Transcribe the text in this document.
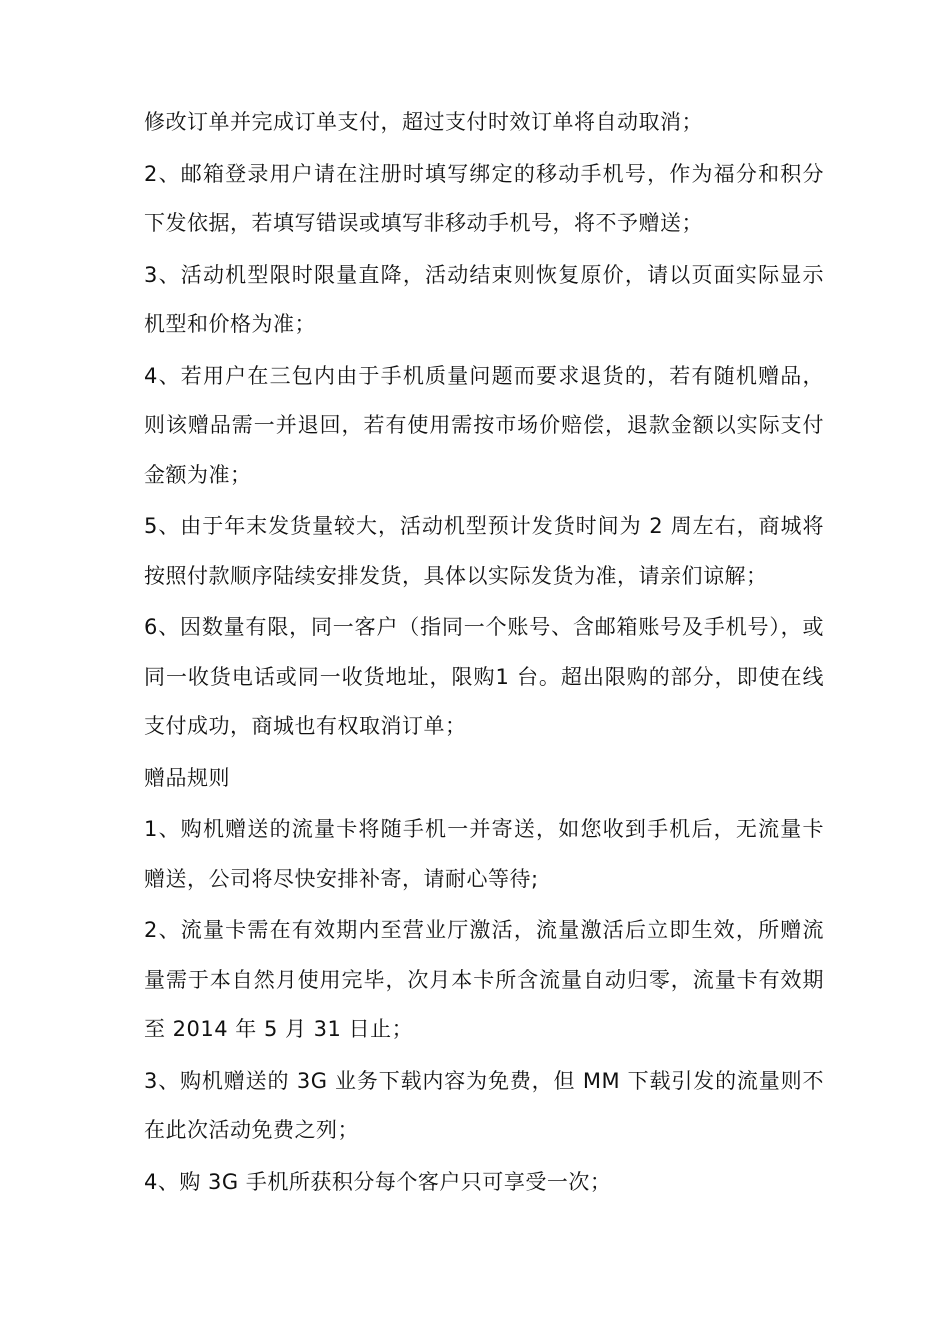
修改订单并完成订单支付，超过支付时效订单将自动取消；

2、邮箱登录用户请在注册时填写绑定的移动手机号，作为福分和积分下发依据，若填写错误或填写非移动手机号，将不予赠送；

3、活动机型限时限量直降，活动结束则恢复原价，请以页面实际显示机型和价格为准；

4、若用户在三包内由于手机质量问题而要求退货的，若有随机赠品，则该赠品需一并退回，若有使用需按市场价赔偿，退款金额以实际支付金额为准；

5、由于年末发货量较大，活动机型预计发货时间为 2 周左右，商城将按照付款顺序陆续安排发货，具体以实际发货为准，请亲们谅解；

6、因数量有限，同一客户（指同一个账号、含邮箱账号及手机号），或同一收货电话或同一收货地址，限购1 台。超出限购的部分，即使在线支付成功，商城也有权取消订单；

赠品规则

1、购机赠送的流量卡将随手机一并寄送，如您收到手机后，无流量卡赠送，公司将尽快安排补寄，请耐心等待;

2、流量卡需在有效期内至营业厅激活，流量激活后立即生效，所赠流量需于本自然月使用完毕，次月本卡所含流量自动归零，流量卡有效期至 2014 年 5 月 31 日止；

3、购机赠送的 3G 业务下载内容为免费，但 MM 下载引发的流量则不在此次活动免费之列；

4、购 3G 手机所获积分每个客户只可享受一次；
